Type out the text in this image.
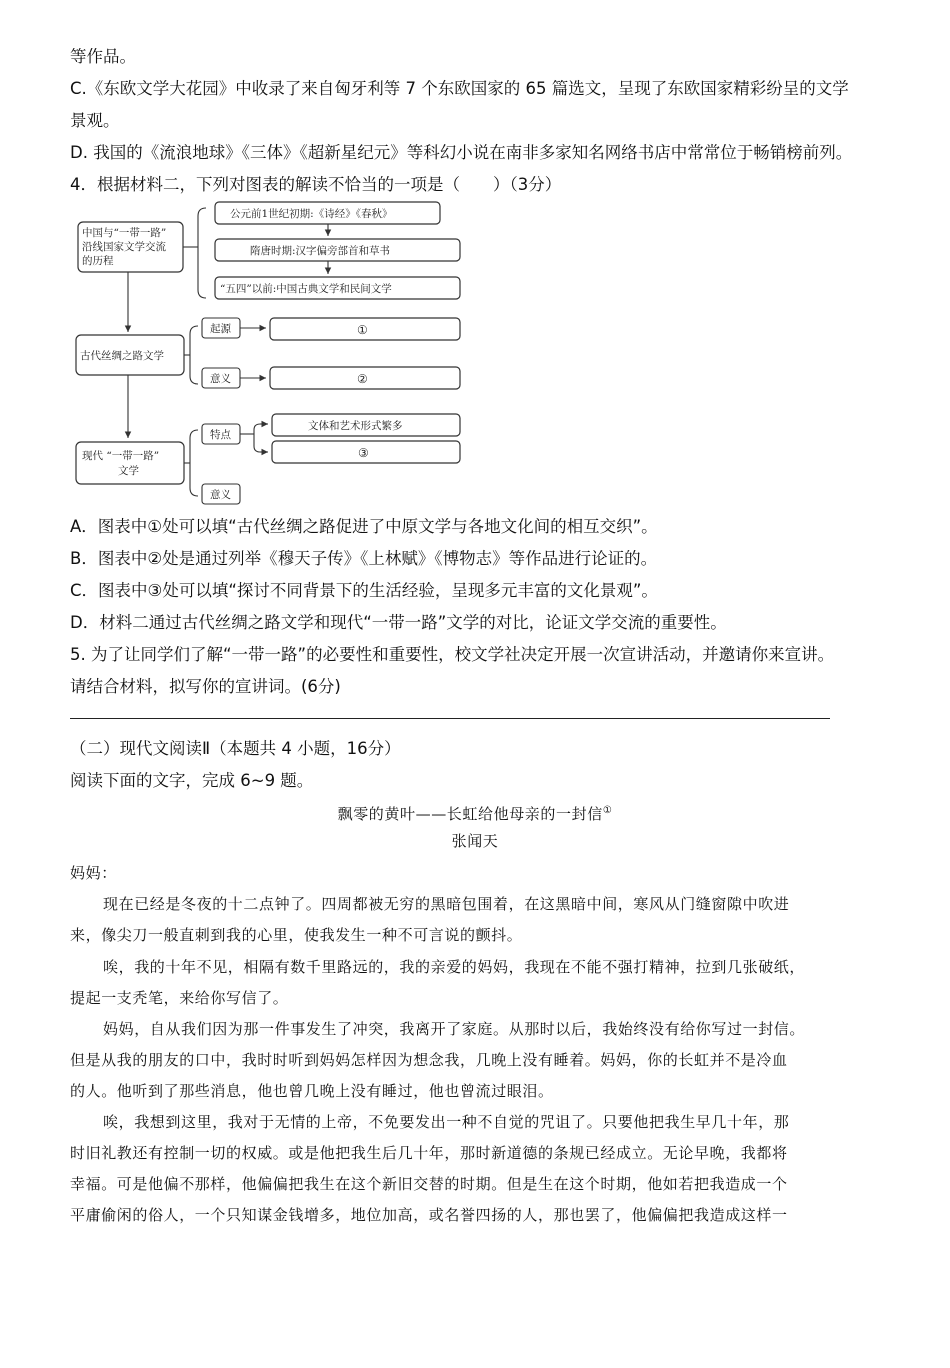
等作品。
C.《东欧文学大花园》中收录了来自匈牙利等 7 个东欧国家的 65 篇选文，呈现了东欧国家精彩纷呈的文学
景观。
D. 我国的《流浪地球》《三体》《超新星纪元》等科幻小说在南非多家知名网络书店中常常位于畅销榜前列。
4．根据材料二，下列对图表的解读不恰当的一项是（　　）（3分）
中国与“一带一路”
沿线国家文学交流
的历程
公元前1世纪初期:《诗经》《春秋》
隋唐时期:汉字偏旁部首和草书
“五四”以前:中国古典文学和民间文学
古代丝绸之路文学
起源	①
意义	②
现代 “一带一路”
文学
特点
文体和艺术形式繁多
③
意义
A．图表中①处可以填“古代丝绸之路促进了中原文学与各地文化间的相互交织”。
B．图表中②处是通过列举《穆天子传》《上林赋》《博物志》等作品进行论证的。
C．图表中③处可以填“探讨不同背景下的生活经验，呈现多元丰富的文化景观”。
D．材料二通过古代丝绸之路文学和现代“一带一路”文学的对比，论证文学交流的重要性。
5. 为了让同学们了解“一带一路”的必要性和重要性，校文学社决定开展一次宣讲活动，并邀请你来宣讲。
请结合材料，拟写你的宣讲词。(6分)
（二）现代文阅读Ⅱ（本题共 4 小题，16分）
阅读下面的文字，完成 6~9 题。
飘零的黄叶——长虹给他母亲的一封信①
张闻天
妈妈：
现在已经是冬夜的十二点钟了。四周都被无穷的黑暗包围着，在这黑暗中间，寒风从门缝窗隙中吹进
来，像尖刀一般直刺到我的心里，使我发生一种不可言说的颤抖。
唉，我的十年不见，相隔有数千里路远的，我的亲爱的妈妈，我现在不能不强打精神，拉到几张破纸，
提起一支秃笔，来给你写信了。
妈妈，自从我们因为那一件事发生了冲突，我离开了家庭。从那时以后，我始终没有给你写过一封信。
但是从我的朋友的口中，我时时听到妈妈怎样因为想念我，几晚上没有睡着。妈妈，你的长虹并不是冷血
的人。他听到了那些消息，他也曾几晚上没有睡过，他也曾流过眼泪。
唉，我想到这里，我对于无情的上帝，不免要发出一种不自觉的咒诅了。只要他把我生早几十年，那
时旧礼教还有控制一切的权威。或是他把我生后几十年，那时新道德的条规已经成立。无论早晚，我都将
幸福。可是他偏不那样，他偏偏把我生在这个新旧交替的时期。但是生在这个时期，他如若把我造成一个
平庸偷闲的俗人，一个只知谋金钱增多，地位加高，或名誉四扬的人，那也罢了，他偏偏把我造成这样一
